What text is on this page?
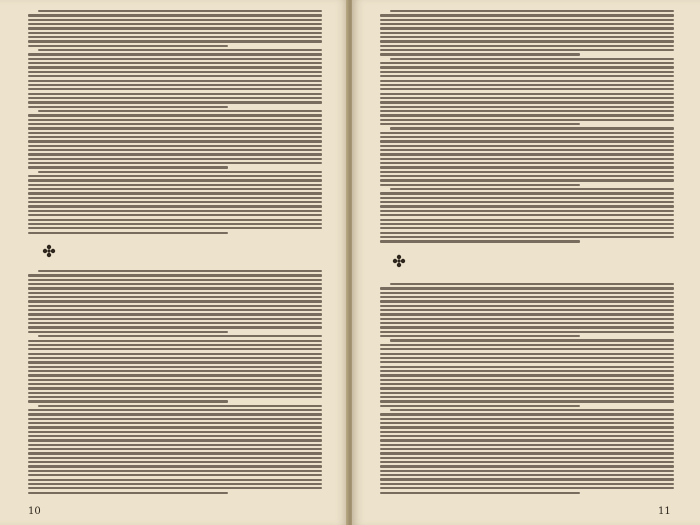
10	11
